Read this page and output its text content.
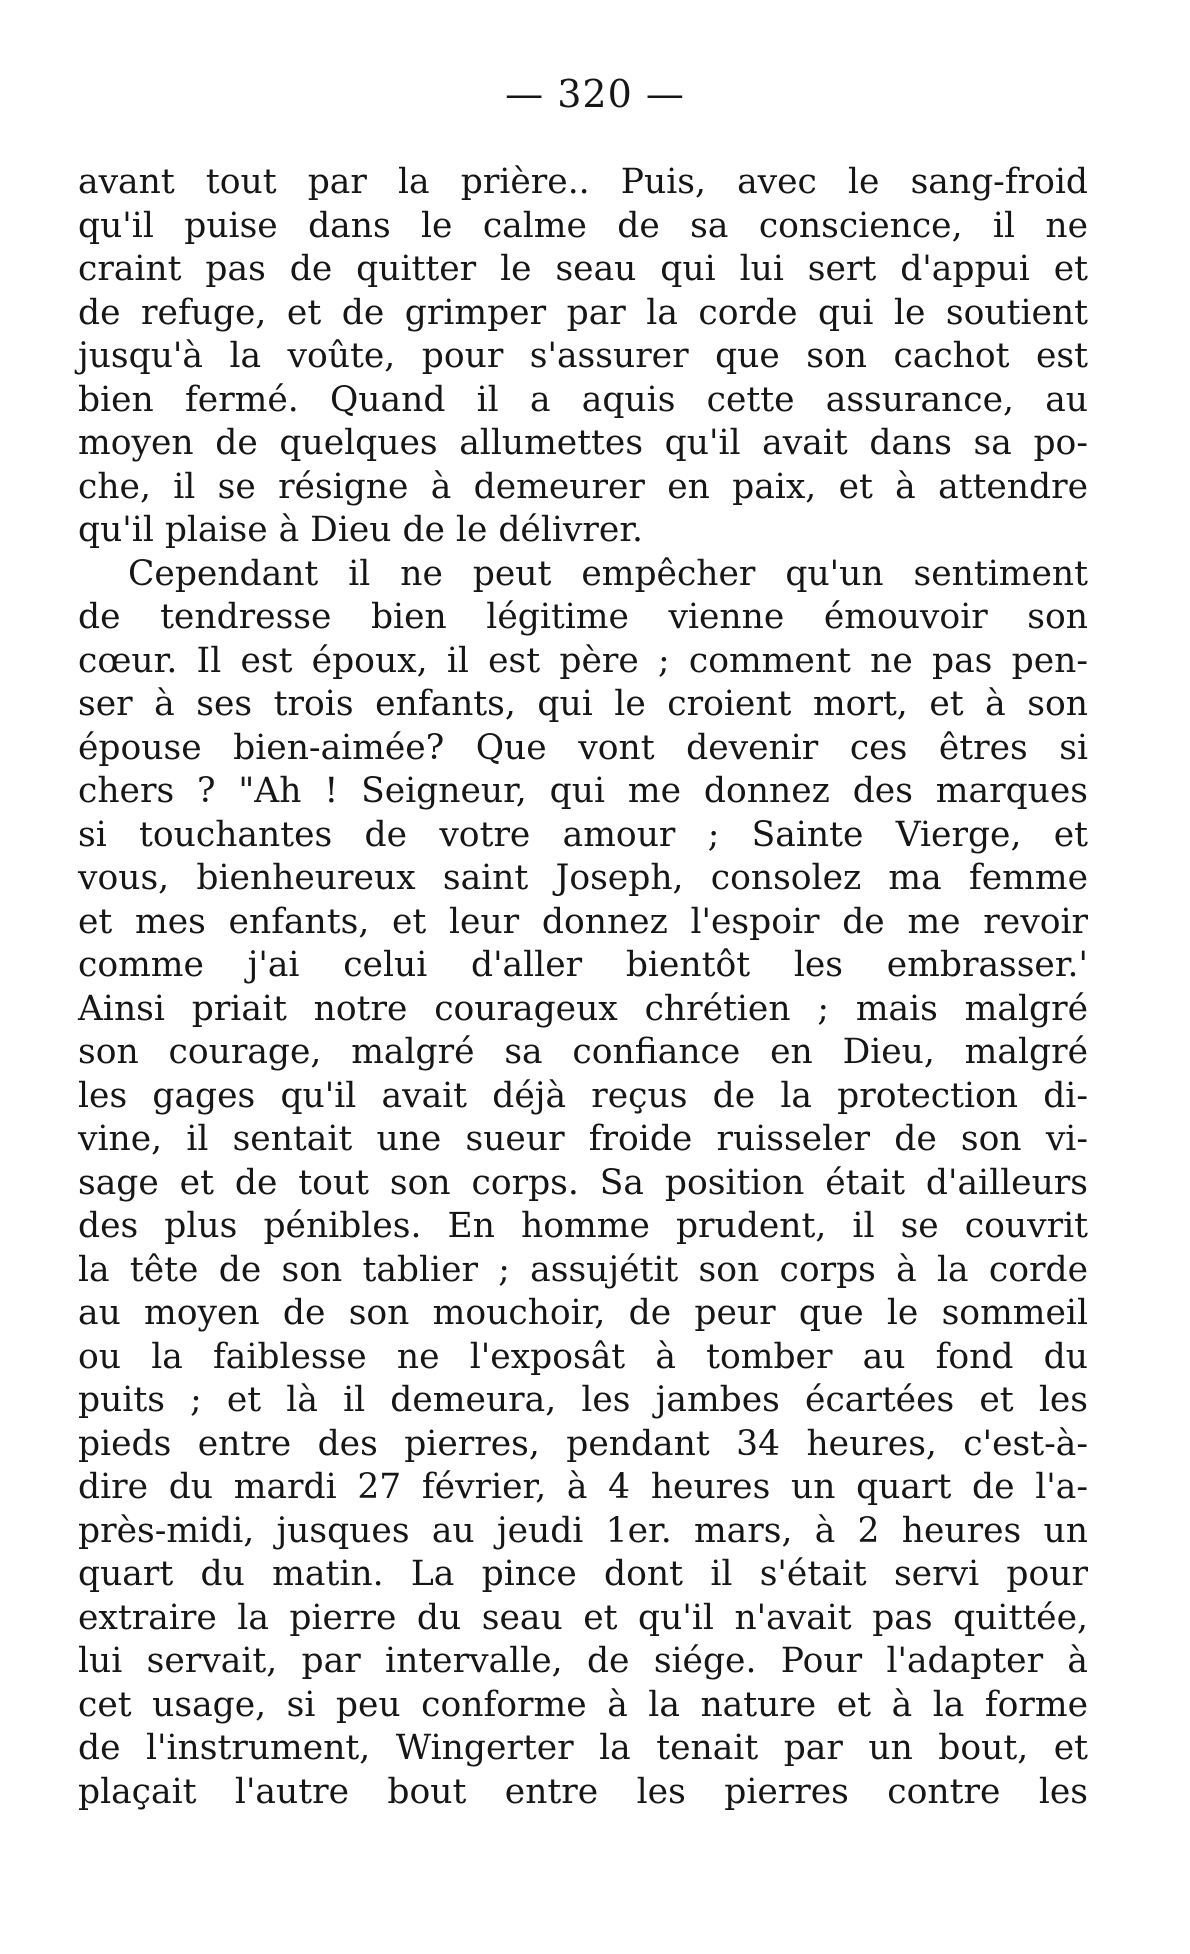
— 320 —
avant tout par la prière.. Puis, avec le sang-froid
qu'il puise dans le calme de sa conscience, il ne
craint pas de quitter le seau qui lui sert d'appui et
de refuge, et de grimper par la corde qui le soutient
jusqu'à la voûte, pour s'assurer que son cachot est
bien fermé. Quand il a aquis cette assurance, au
moyen de quelques allumettes qu'il avait dans sa po-
che, il se résigne à demeurer en paix, et à attendre
qu'il plaise à Dieu de le délivrer.
Cependant il ne peut empêcher qu'un sentiment
de tendresse bien légitime vienne émouvoir son
cœur. Il est époux, il est père ; comment ne pas pen-
ser à ses trois enfants, qui le croient mort, et à son
épouse bien-aimée? Que vont devenir ces êtres si
chers ? "Ah ! Seigneur, qui me donnez des marques
si touchantes de votre amour ; Sainte Vierge, et
vous, bienheureux saint Joseph, consolez ma femme
et mes enfants, et leur donnez l'espoir de me revoir
comme j'ai celui d'aller bientôt les embrasser.'
Ainsi priait notre courageux chrétien ; mais malgré
son courage, malgré sa confiance en Dieu, malgré
les gages qu'il avait déjà reçus de la protection di-
vine, il sentait une sueur froide ruisseler de son vi-
sage et de tout son corps. Sa position était d'ailleurs
des plus pénibles. En homme prudent, il se couvrit
la tête de son tablier ; assujétit son corps à la corde
au moyen de son mouchoir, de peur que le sommeil
ou la faiblesse ne l'exposât à tomber au fond du
puits ; et là il demeura, les jambes écartées et les
pieds entre des pierres, pendant 34 heures, c'est-à-
dire du mardi 27 février, à 4 heures un quart de l'a-
près-midi, jusques au jeudi 1er. mars, à 2 heures un
quart du matin. La pince dont il s'était servi pour
extraire la pierre du seau et qu'il n'avait pas quittée,
lui servait, par intervalle, de siége. Pour l'adapter à
cet usage, si peu conforme à la nature et à la forme
de l'instrument, Wingerter la tenait par un bout, et
plaçait l'autre bout entre les pierres contre les
